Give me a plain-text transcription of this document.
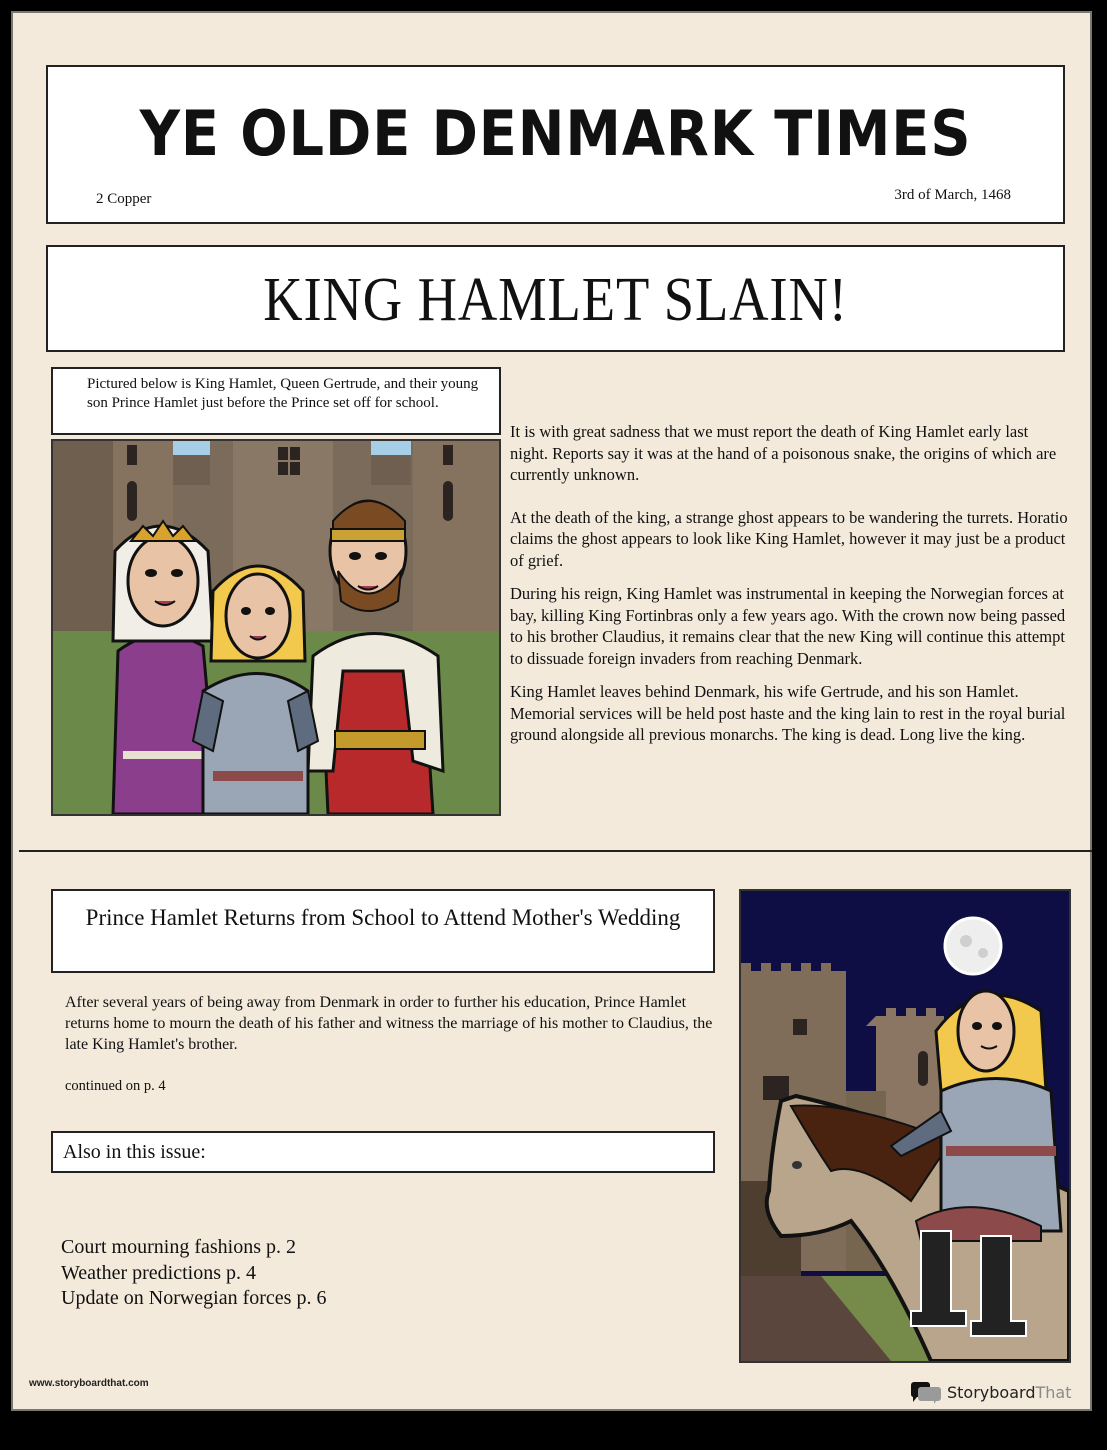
YE OLDE DENMARK TIMES
2 Copper	3rd of March, 1468
KING HAMLET SLAIN!
Pictured below is King Hamlet, Queen Gertrude, and their young son Prince Hamlet just before the Prince set off for school.

It is with great sadness that we must report the death of King Hamlet early last night. Reports say it was at the hand of a poisonous snake, the origins of which are currently unknown.

At the death of the king, a strange ghost appears to be wandering the turrets. Horatio claims the ghost appears to look like King Hamlet, however it may just be a product of grief.

During his reign, King Hamlet was instrumental in keeping the Norwegian forces at bay, killing King Fortinbras only a few years ago. With the crown now being passed to his brother Claudius, it remains clear that the new King will continue this attempt to dissuade foreign invaders from reaching Denmark.

King Hamlet leaves behind Denmark, his wife Gertrude, and his son Hamlet. Memorial services will be held post haste and the king lain to rest in the royal burial ground alongside all previous monarchs. The king is dead. Long live the king.

Prince Hamlet Returns from School to Attend Mother's Wedding
After several years of being away from Denmark in order to further his education, Prince Hamlet returns home to mourn the death of his father and witness the marriage of his mother to Claudius, the late King Hamlet's brother.
continued on p. 4
Also in this issue:
Court mourning fashions p. 2
Weather predictions p. 4
Update on Norwegian forces p. 6
www.storyboardthat.com	Storyboard That
